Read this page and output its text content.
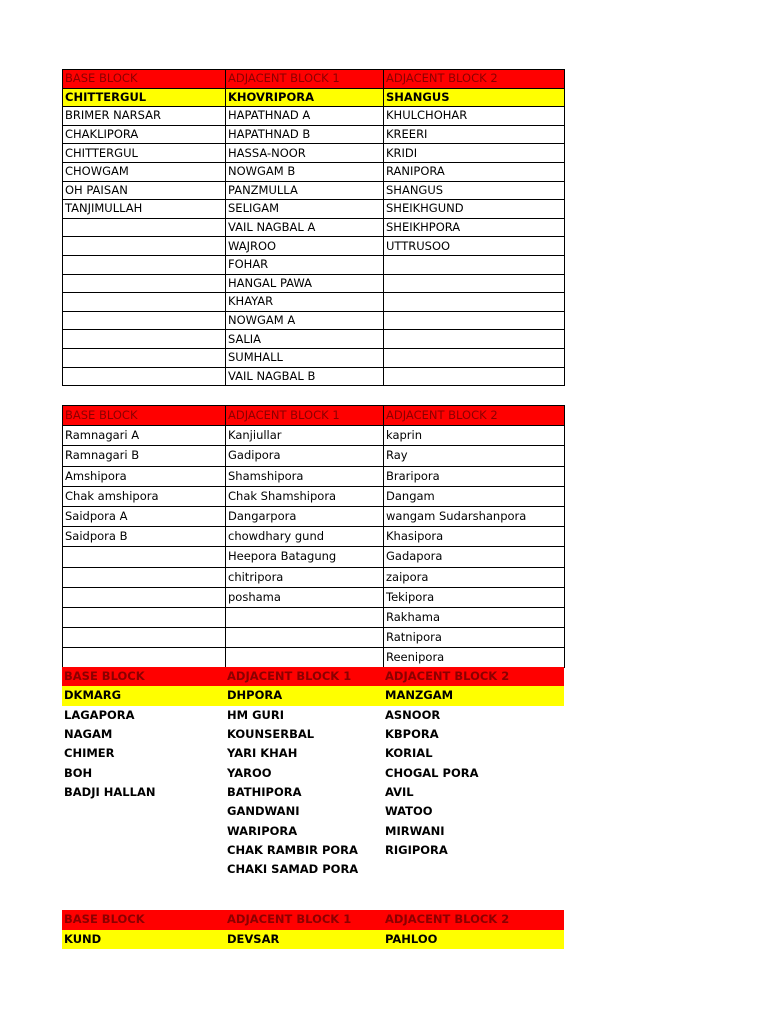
BASE BLOCK	ADJACENT BLOCK 1	ADJACENT BLOCK 2
CHITTERGUL	KHOVRIPORA	SHANGUS
BRIMER NARSAR	HAPATHNAD A	KHULCHOHAR
CHAKLIPORA	HAPATHNAD B	KREERI
CHITTERGUL	HASSA-NOOR	KRIDI
CHOWGAM	NOWGAM B	RANIPORA
OH PAISAN	PANZMULLA	SHANGUS
TANJIMULLAH	SELIGAM	SHEIKHGUND
	VAIL NAGBAL A	SHEIKHPORA
	WAJROO	UTTRUSOO
	FOHAR	
	HANGAL PAWA	
	KHAYAR	
	NOWGAM A	
	SALIA	
	SUMHALL	
	VAIL NAGBAL B	
BASE BLOCK	ADJACENT BLOCK 1	ADJACENT BLOCK 2
Ramnagari A	Kanjiullar	kaprin
Ramnagari B	Gadipora	Ray
Amshipora	Shamshipora	Braripora
Chak amshipora	Chak Shamshipora	Dangam
Saidpora A	Dangarpora	wangam Sudarshanpora
Saidpora B	chowdhary gund	Khasipora
	Heepora Batagung	Gadapora
	chitripora	zaipora
	poshama	Tekipora
		Rakhama
		Ratnipora
		Reenipora
BASE BLOCK	ADJACENT BLOCK 1	ADJACENT BLOCK 2
DKMARG	DHPORA	MANZGAM
LAGAPORA	HM GURI	ASNOOR
NAGAM	KOUNSERBAL	KBPORA
CHIMER	YARI KHAH	KORIAL
BOH	YAROO	CHOGAL PORA
BADJI HALLAN	BATHIPORA	AVIL
	GANDWANI	WATOO
	WARIPORA	MIRWANI
	CHAK RAMBIR PORA	RIGIPORA
	CHAKI SAMAD PORA	
BASE BLOCK	ADJACENT BLOCK 1	ADJACENT BLOCK 2
KUND	DEVSAR	PAHLOO
